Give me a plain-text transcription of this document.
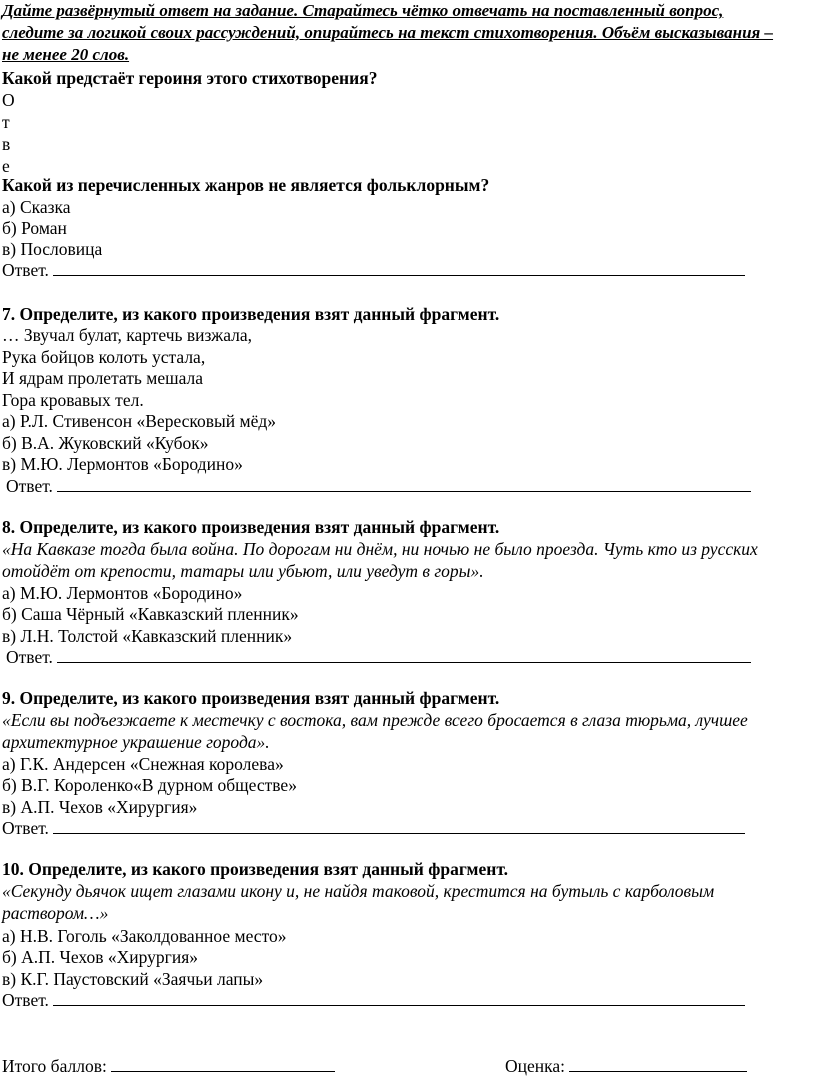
Дайте развёрнутый ответ на задание. Старайтесь чётко отвечать на поставленный вопрос,
следите за логикой своих рассуждений, опирайтесь на текст стихотворения. Объём высказывания –
не менее 20 слов.
Какой предстаёт героиня этого стихотворения?
О
т
в
е
Какой из перечисленных жанров не является фольклорным?
а) Сказка
б) Роман
в) Пословица
Ответ.
7. Определите, из какого произведения взят данный фрагмент.
… Звучал булат, картечь визжала,
Рука бойцов колоть устала,
И ядрам пролетать мешала
Гора кровавых тел.
а) Р.Л. Стивенсон «Вересковый мёд»
б) В.А. Жуковский «Кубок»
в) М.Ю. Лермонтов «Бородино»
Ответ.
8. Определите, из какого произведения взят данный фрагмент.
«На Кавказе тогда была война. По дорогам ни днём, ни ночью не было проезда. Чуть кто из русских
отойдёт от крепости, татары или убьют, или уведут в горы».
а) М.Ю. Лермонтов «Бородино»
б) Саша Чёрный «Кавказский пленник»
в) Л.Н. Толстой «Кавказский пленник»
Ответ.
9. Определите, из какого произведения взят данный фрагмент.
«Если вы подъезжаете к местечку с востока, вам прежде всего бросается в глаза тюрьма, лучшее
архитектурное украшение города».
а) Г.К. Андерсен «Снежная королева»
б) В.Г. Короленко«В дурном обществе»
в) А.П. Чехов «Хирургия»
Ответ.
10. Определите, из какого произведения взят данный фрагмент.
«Секунду дьячок ищет глазами икону и, не найдя таковой, крестится на бутыль с карболовым
раствором…»
а) Н.В. Гоголь «Заколдованное место»
б) А.П. Чехов «Хирургия»
в) К.Г. Паустовский «Заячьи лапы»
Ответ.
Итого баллов:	Оценка:
